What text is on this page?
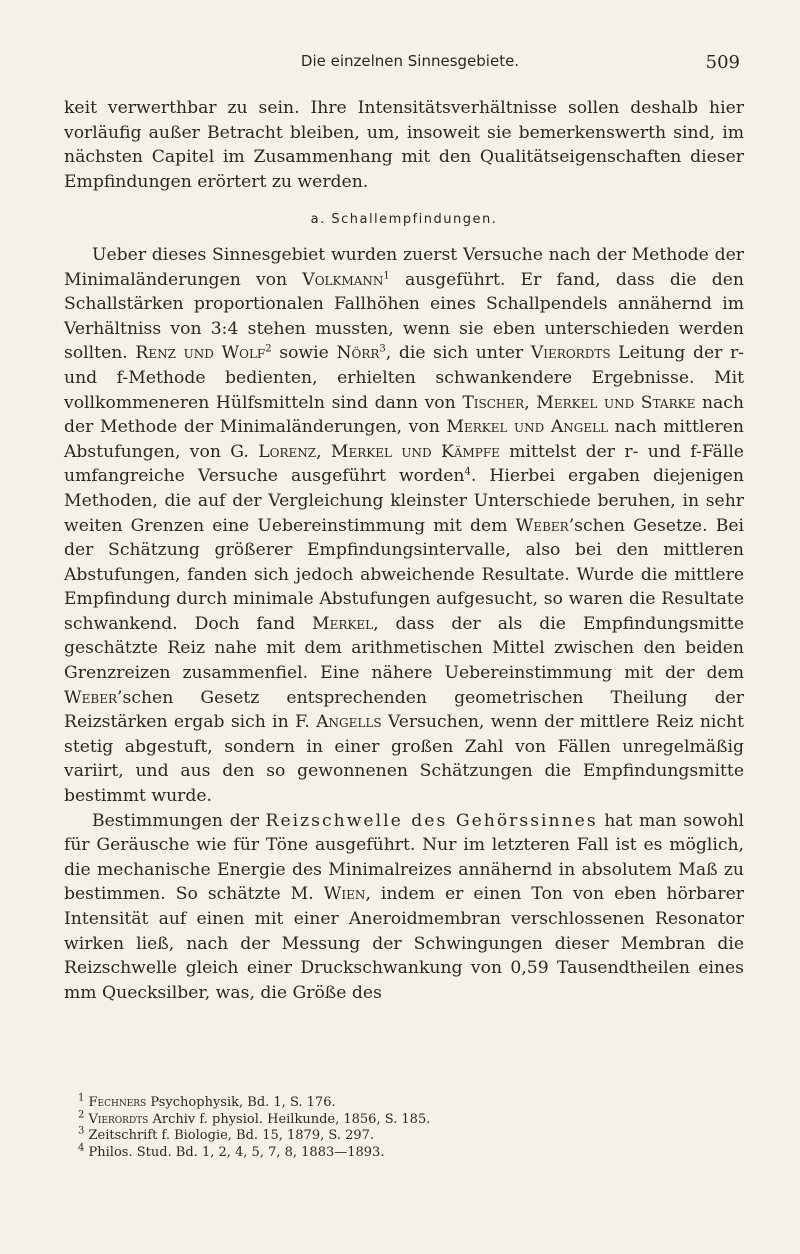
Die einzelnen Sinnesgebiete.	509

keit verwerthbar zu sein. Ihre Intensitätsverhältnisse sollen deshalb hier vorläufig außer Betracht bleiben, um, insoweit sie bemerkenswerth sind, im nächsten Capitel im Zusammenhang mit den Qualitätseigenschaften dieser Empfindungen erörtert zu werden.

a. Schallempfindungen.

Ueber dieses Sinnesgebiet wurden zuerst Versuche nach der Methode der Minimaländerungen von Volkmann$^1$ ausgeführt. Er fand, dass die den Schallstärken proportionalen Fallhöhen eines Schallpendels annähernd im Verhältniss von 3:4 stehen mussten, wenn sie eben unterschieden werden sollten. Renz und Wolf$^2$ sowie Nörr$^3$, die sich unter Vierordts Leitung der r- und f-Methode bedienten, erhielten schwankendere Ergebnisse. Mit vollkommeneren Hülfsmitteln sind dann von Tischer, Merkel und Starke nach der Methode der Minimaländerungen, von Merkel und Angell nach mittleren Abstufungen, von G. Lorenz, Merkel und Kämpfe mittelst der r- und f-Fälle umfangreiche Versuche ausgeführt worden$^4$. Hierbei ergaben diejenigen Methoden, die auf der Vergleichung kleinster Unterschiede beruhen, in sehr weiten Grenzen eine Uebereinstimmung mit dem Weber’schen Gesetze. Bei der Schätzung größerer Empfindungsintervalle, also bei den mittleren Abstufungen, fanden sich jedoch abweichende Resultate. Wurde die mittlere Empfindung durch minimale Abstufungen aufgesucht, so waren die Resultate schwankend. Doch fand Merkel, dass der als die Empfindungsmitte geschätzte Reiz nahe mit dem arithmetischen Mittel zwischen den beiden Grenzreizen zusammenfiel. Eine nähere Uebereinstimmung mit der dem Weber’schen Gesetz entsprechenden geometrischen Theilung der Reizstärken ergab sich in F. Angells Versuchen, wenn der mittlere Reiz nicht stetig abgestuft, sondern in einer großen Zahl von Fällen unregelmäßig variirt, und aus den so gewonnenen Schätzungen die Empfindungsmitte bestimmt wurde.

Bestimmungen der Reizschwelle des Gehörssinnes hat man sowohl für Geräusche wie für Töne ausgeführt. Nur im letzteren Fall ist es möglich, die mechanische Energie des Minimalreizes annähernd in absolutem Maß zu bestimmen. So schätzte M. Wien, indem er einen Ton von eben hörbarer Intensität auf einen mit einer Aneroidmembran verschlossenen Resonator wirken ließ, nach der Messung der Schwingungen dieser Membran die Reizschwelle gleich einer Druckschwankung von 0,59 Tausendtheilen eines mm Quecksilber, was, die Größe des

$^1$ Fechners Psychophysik, Bd. 1, S. 176.
$^2$ Vierordts Archiv f. physiol. Heilkunde, 1856, S. 185.
$^3$ Zeitschrift f. Biologie, Bd. 15, 1879, S. 297.
$^4$ Philos. Stud. Bd. 1, 2, 4, 5, 7, 8, 1883—1893.
